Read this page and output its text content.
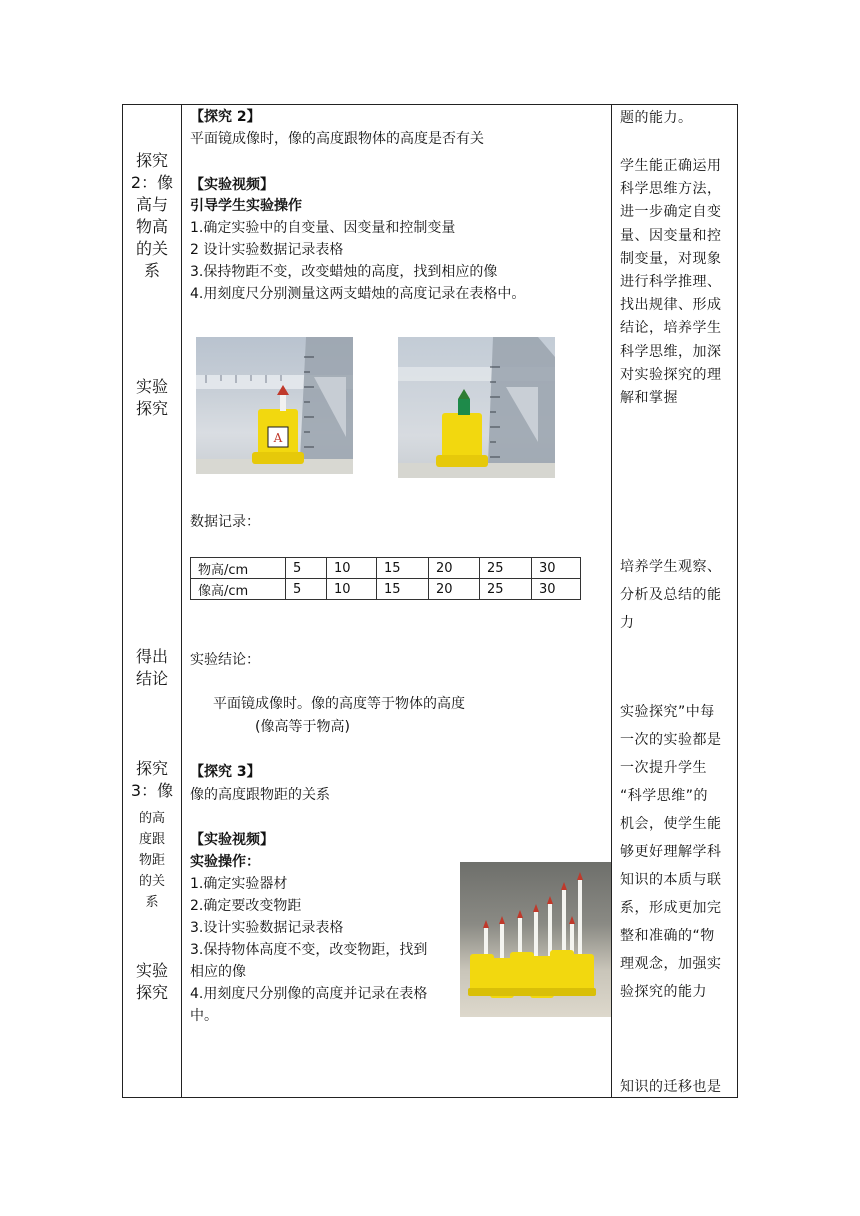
探究
2：像
高与
物高
的关
系
实验
探究
得出
结论
探究
3：像
的高
度跟
物距
的关
系
实验
探究
【探究 2】
平面镜成像时，像的高度跟物体的高度是否有关
【实验视频】
引导学生实验操作
1.确定实验中的自变量、因变量和控制变量
2 设计实验数据记录表格
3.保持物距不变，改变蜡烛的高度，找到相应的像
4.用刻度尺分别测量这两支蜡烛的高度记录在表格中。
A
数据记录：
物高/cm	5	10	15	20	25	30
像高/cm	5	10	15	20	25	30
实验结论：
平面镜成像时。像的高度等于物体的高度
(像高等于物高)
【探究 3】
像的高度跟物距的关系
【实验视频】
实验操作：
1.确定实验器材
2.确定要改变物距
3.设计实验数据记录表格
3.保持物体高度不变，改变物距，找到
相应的像
4.用刻度尺分别像的高度并记录在表格
中。
题的能力。
学生能正确运用
科学思维方法，
进一步确定自变
量、因变量和控
制变量，对现象
进行科学推理、
找出规律、形成
结论，培养学生
科学思维，加深
对实验探究的理
解和掌握
培养学生观察、
分析及总结的能
力
实验探究”中每
一次的实验都是
一次提升学生
“科学思维”的
机会，使学生能
够更好理解学科
知识的本质与联
系，形成更加完
整和准确的“物
理观念，加强实
验探究的能力
知识的迁移也是
